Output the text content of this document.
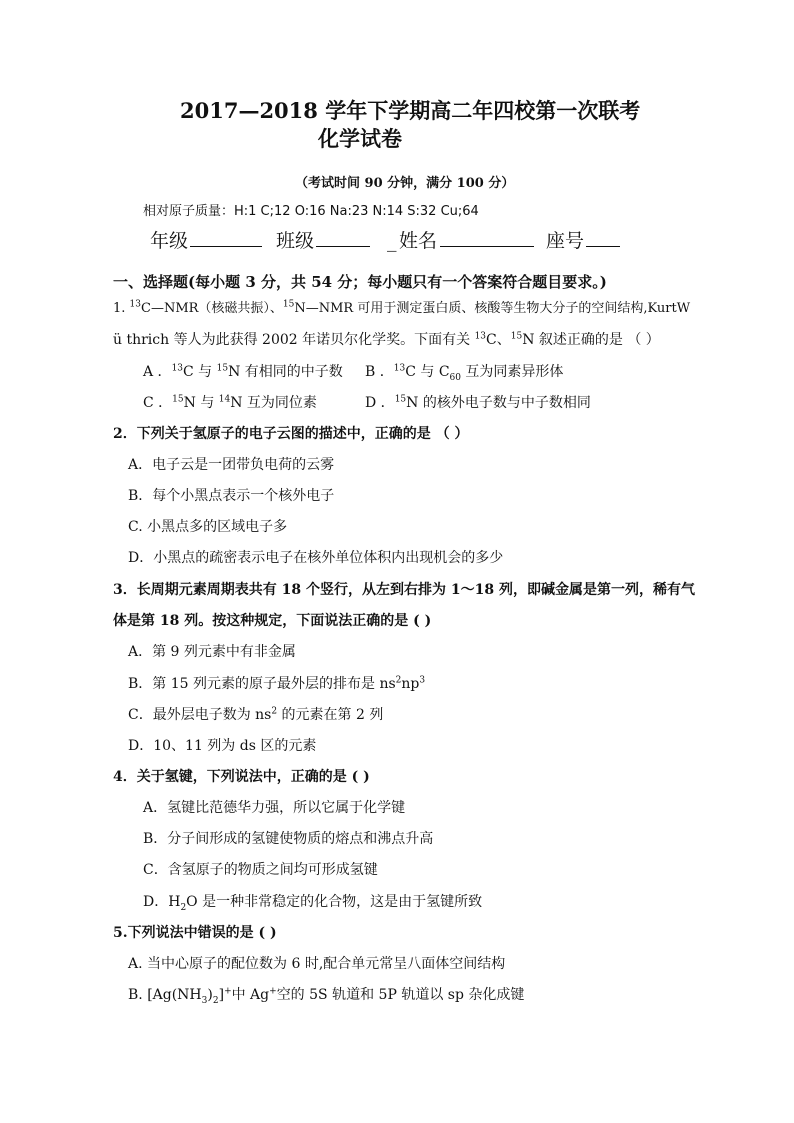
2017—2018 学年下学期高二年四校第一次联考
化学试卷
（考试时间 90 分钟，满分 100 分）
相对原子质量：H:1 C;12 O:16 Na:23 N:14 S:32 Cu;64
年级	班级	_ 姓名	座号
一、选择题(每小题 3 分，共 54 分；每小题只有一个答案符合题目要求。)
1. $^{13}$C—NMR（核磁共振）、$^{15}$N—NMR 可用于测定蛋白质、核酸等生物大分子的空间结构,KurtW
ü thrich 等人为此获得 2002 年诺贝尔化学奖。下面有关 $^{13}$C、$^{15}$N 叙述正确的是 （ ）
A ．$^{13}$C 与 $^{15}$N 有相同的中子数 B ．$^{13}$C 与 $C_{60}$ 互为同素异形体
C ．$^{15}$N 与 $^{14}$N 互为同位素	D ．$^{15}$N 的核外电子数与中子数相同
2．下列关于氢原子的电子云图的描述中，正确的是 （ ）
A．电子云是一团带负电荷的云雾
B．每个小黑点表示一个核外电子
C. 小黑点多的区域电子多
D．小黑点的疏密表示电子在核外单位体积内出现机会的多少
3．长周期元素周期表共有 18 个竖行，从左到右排为 1～18 列，即碱金属是第一列，稀有气
体是第 18 列。按这种规定，下面说法正确的是 ( )
A．第 9 列元素中有非金属
B．第 15 列元素的原子最外层的排布是 $ns^2np^3$
C．最外层电子数为 $ns^2$ 的元素在第 2 列
D．10、11 列为 ds 区的元素
4．关于氢键，下列说法中，正确的是 ( )
A．氢键比范德华力强，所以它属于化学键
B．分子间形成的氢键使物质的熔点和沸点升高
C．含氢原子的物质之间均可形成氢键
D．$H_2O$ 是一种非常稳定的化合物，这是由于氢键所致
5.下列说法中错误的是 ( )
A. 当中心原子的配位数为 6 时,配合单元常呈八面体空间结构
B. $[Ag(NH_3)_2]^+$中 Ag+空的 5S 轨道和 5P 轨道以 sp 杂化成键
